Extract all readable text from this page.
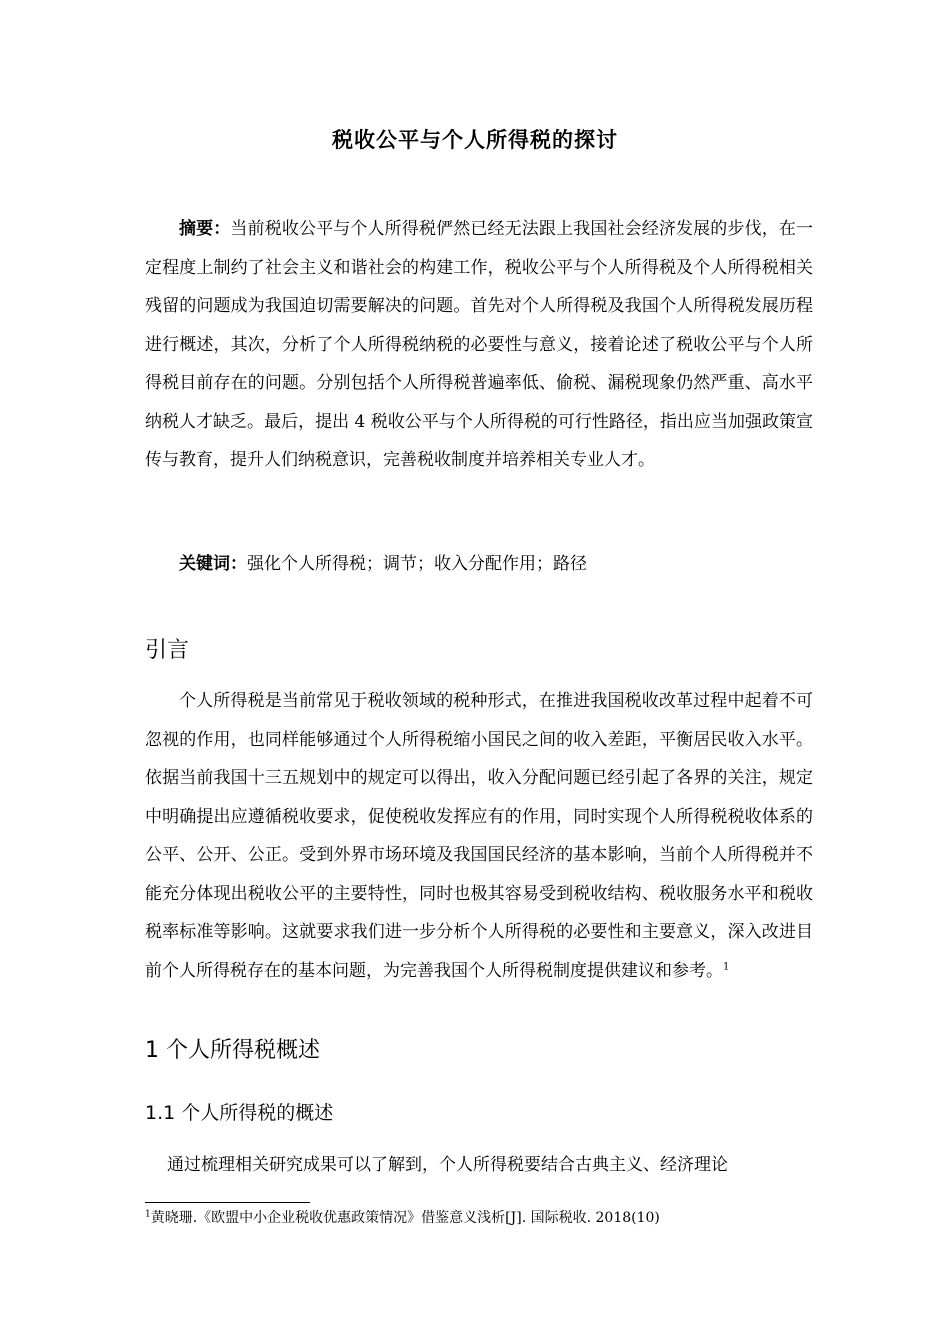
税收公平与个人所得税的探讨

摘要：当前税收公平与个人所得税俨然已经无法跟上我国社会经济发展的步伐，在一定程度上制约了社会主义和谐社会的构建工作，税收公平与个人所得税及个人所得税相关残留的问题成为我国迫切需要解决的问题。首先对个人所得税及我国个人所得税发展历程进行概述，其次，分析了个人所得税纳税的必要性与意义，接着论述了税收公平与个人所得税目前存在的问题。分别包括个人所得税普遍率低、偷税、漏税现象仍然严重、高水平纳税人才缺乏。最后，提出 4 税收公平与个人所得税的可行性路径，指出应当加强政策宣传与教育，提升人们纳税意识，完善税收制度并培养相关专业人才。

关键词：强化个人所得税；调节；收入分配作用；路径

引言

个人所得税是当前常见于税收领域的税种形式，在推进我国税收改革过程中起着不可忽视的作用，也同样能够通过个人所得税缩小国民之间的收入差距，平衡居民收入水平。依据当前我国十三五规划中的规定可以得出，收入分配问题已经引起了各界的关注，规定中明确提出应遵循税收要求，促使税收发挥应有的作用，同时实现个人所得税税收体系的公平、公开、公正。受到外界市场环境及我国国民经济的基本影响，当前个人所得税并不能充分体现出税收公平的主要特性，同时也极其容易受到税收结构、税收服务水平和税收税率标准等影响。这就要求我们进一步分析个人所得税的必要性和主要意义，深入改进目前个人所得税存在的基本问题，为完善我国个人所得税制度提供建议和参考。$^1$

1 个人所得税概述
1.1 个人所得税的概述

通过梳理相关研究成果可以了解到，个人所得税要结合古典主义、经济理论

$^1$黄晓珊.《欧盟中小企业税收优惠政策情况》借鉴意义浅析[J]. 国际税收. 2018(10)
